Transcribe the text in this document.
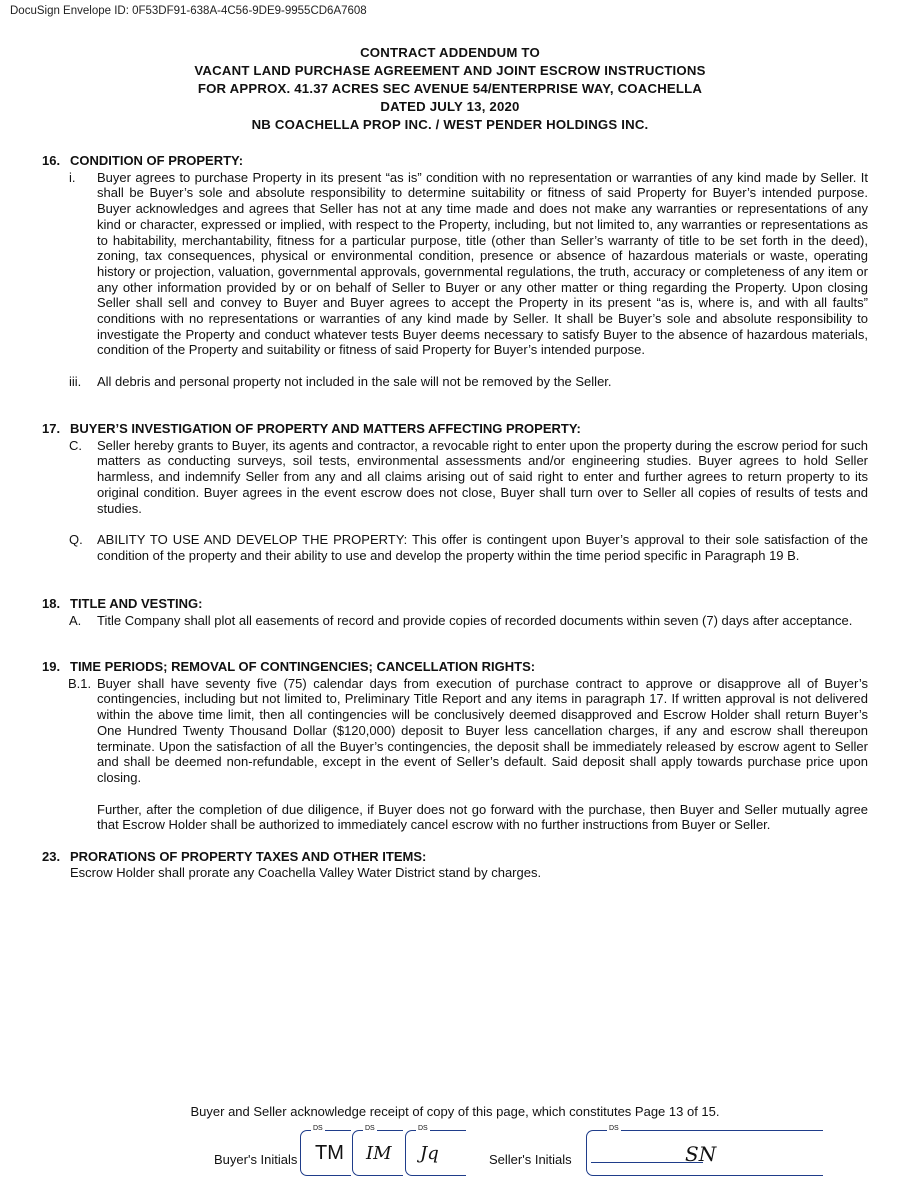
DocuSign Envelope ID: 0F53DF91-638A-4C56-9DE9-9955CD6A7608
CONTRACT ADDENDUM TO
VACANT LAND PURCHASE AGREEMENT AND JOINT ESCROW INSTRUCTIONS
FOR APPROX. 41.37 ACRES SEC AVENUE 54/ENTERPRISE WAY, COACHELLA
DATED JULY 13, 2020
NB COACHELLA PROP INC. / WEST PENDER HOLDINGS INC.
16. CONDITION OF PROPERTY:
i. Buyer agrees to purchase Property in its present “as is” condition with no representation or warranties of any kind made by Seller. It shall be Buyer’s sole and absolute responsibility to determine suitability or fitness of said Property for Buyer’s intended purpose. Buyer acknowledges and agrees that Seller has not at any time made and does not make any warranties or representations of any kind or character, expressed or implied, with respect to the Property, including, but not limited to, any warranties or representations as to habitability, merchantability, fitness for a particular purpose, title (other than Seller’s warranty of title to be set forth in the deed), zoning, tax consequences, physical or environmental condition, presence or absence of hazardous materials or waste, operating history or projection, valuation, governmental approvals, governmental regulations, the truth, accuracy or completeness of any item or any other information provided by or on behalf of Seller to Buyer or any other matter or thing regarding the Property. Upon closing Seller shall sell and convey to Buyer and Buyer agrees to accept the Property in its present “as is, where is, and with all faults” conditions with no representations or warranties of any kind made by Seller. It shall be Buyer’s sole and absolute responsibility to investigate the Property and conduct whatever tests Buyer deems necessary to satisfy Buyer to the absence of hazardous materials, condition of the Property and suitability or fitness of said Property for Buyer’s intended purpose.
iii. All debris and personal property not included in the sale will not be removed by the Seller.
17. BUYER’S INVESTIGATION OF PROPERTY AND MATTERS AFFECTING PROPERTY:
C. Seller hereby grants to Buyer, its agents and contractor, a revocable right to enter upon the property during the escrow period for such matters as conducting surveys, soil tests, environmental assessments and/or engineering studies. Buyer agrees to hold Seller harmless, and indemnify Seller from any and all claims arising out of said right to enter and further agrees to return property to its original condition. Buyer agrees in the event escrow does not close, Buyer shall turn over to Seller all copies of results of tests and studies.
Q. ABILITY TO USE AND DEVELOP THE PROPERTY: This offer is contingent upon Buyer’s approval to their sole satisfaction of the condition of the property and their ability to use and develop the property within the time period specific in Paragraph 19 B.
18. TITLE AND VESTING:
A. Title Company shall plot all easements of record and provide copies of recorded documents within seven (7) days after acceptance.
19. TIME PERIODS; REMOVAL OF CONTINGENCIES; CANCELLATION RIGHTS:
B.1. Buyer shall have seventy five (75) calendar days from execution of purchase contract to approve or disapprove all of Buyer’s contingencies, including but not limited to, Preliminary Title Report and any items in paragraph 17. If written approval is not delivered within the above time limit, then all contingencies will be conclusively deemed disapproved and Escrow Holder shall return Buyer’s One Hundred Twenty Thousand Dollar ($120,000) deposit to Buyer less cancellation charges, if any and escrow shall thereupon terminate. Upon the satisfaction of all the Buyer’s contingencies, the deposit shall be immediately released by escrow agent to Seller and shall be deemed non-refundable, except in the event of Seller’s default. Said deposit shall apply towards purchase price upon closing.
Further, after the completion of due diligence, if Buyer does not go forward with the purchase, then Buyer and Seller mutually agree that Escrow Holder shall be authorized to immediately cancel escrow with no further instructions from Buyer or Seller.
23. PRORATIONS OF PROPERTY TAXES AND OTHER ITEMS:
Escrow Holder shall prorate any Coachella Valley Water District stand by charges.
Buyer and Seller acknowledge receipt of copy of this page, which constitutes Page 13 of 15.
Buyer's Initials
DS
TM
DS
IM
DS
Jq	Seller's Initials
DS
SN
